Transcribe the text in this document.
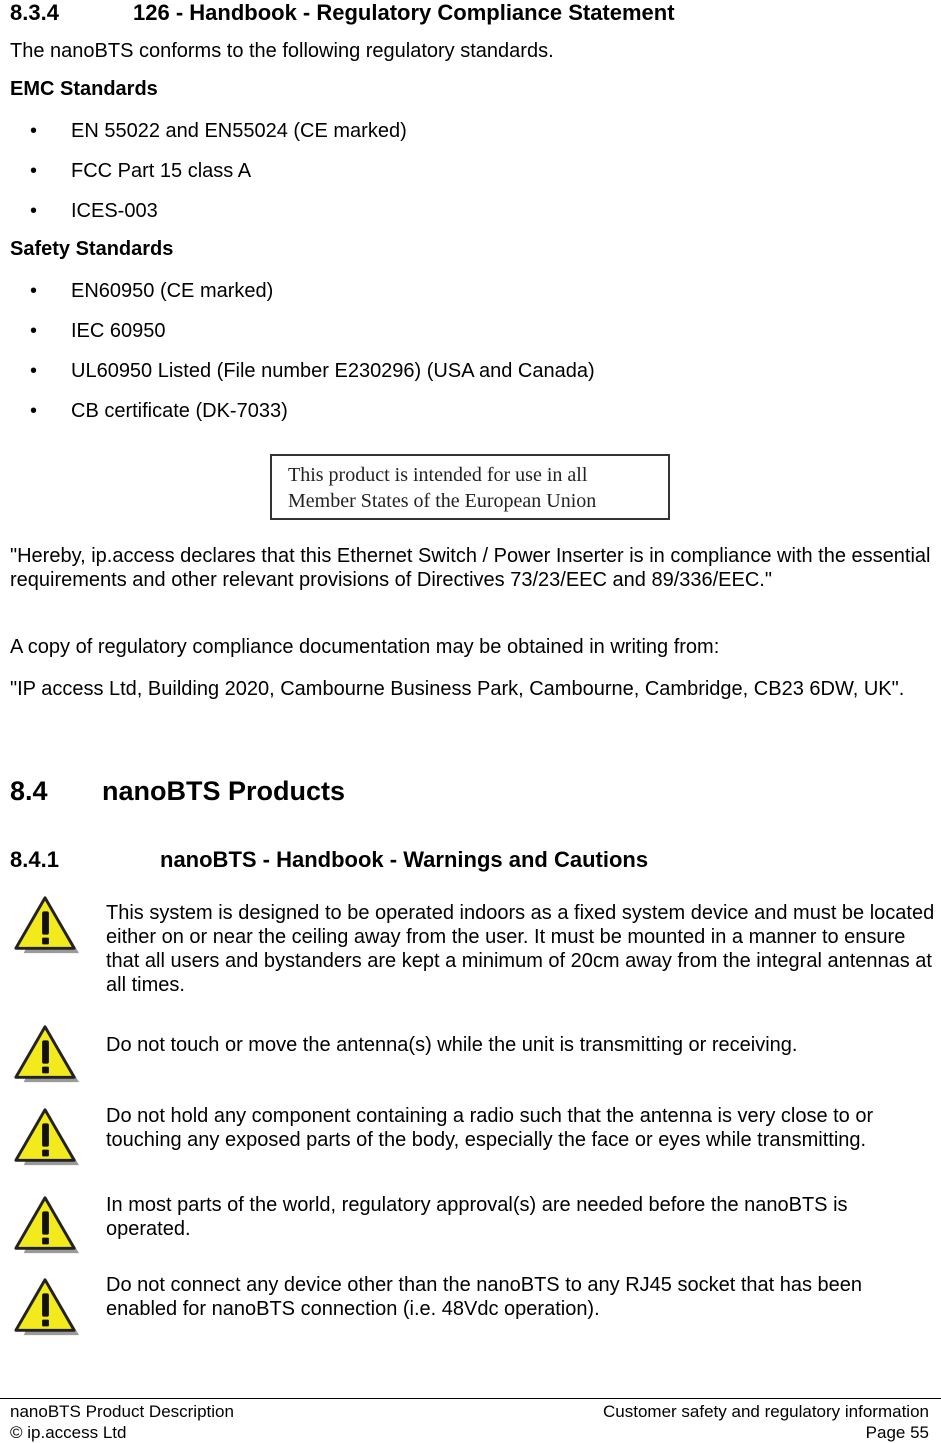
8.3.4	126 - Handbook - Regulatory Compliance Statement
The nanoBTS conforms to the following regulatory standards.
EMC Standards
• EN 55022 and EN55024 (CE marked)
• FCC Part 15 class A
• ICES-003
Safety Standards
• EN60950 (CE marked)
• IEC 60950
• UL60950 Listed (File number E230296) (USA and Canada)
• CB certificate (DK-7033)
This product is intended for use in all
Member States of the European Union
"Hereby, ip.access declares that this Ethernet Switch / Power Inserter is in compliance with the essential requirements and other relevant provisions of Directives 73/23/EEC and 89/336/EEC."
A copy of regulatory compliance documentation may be obtained in writing from:
"IP access Ltd, Building 2020, Cambourne Business Park, Cambourne, Cambridge, CB23 6DW, UK".
8.4 nanoBTS Products
8.4.1	nanoBTS - Handbook - Warnings and Cautions
This system is designed to be operated indoors as a fixed system device and must be located either on or near the ceiling away from the user. It must be mounted in a manner to ensure that all users and bystanders are kept a minimum of 20cm away from the integral antennas at all times.
Do not touch or move the antenna(s) while the unit is transmitting or receiving.
Do not hold any component containing a radio such that the antenna is very close to or touching any exposed parts of the body, especially the face or eyes while transmitting.
In most parts of the world, regulatory approval(s) are needed before the nanoBTS is operated.
Do not connect any device other than the nanoBTS to any RJ45 socket that has been enabled for nanoBTS connection (i.e. 48Vdc operation).
nanoBTS Product Description
© ip.access Ltd
Customer safety and regulatory information
Page 55
